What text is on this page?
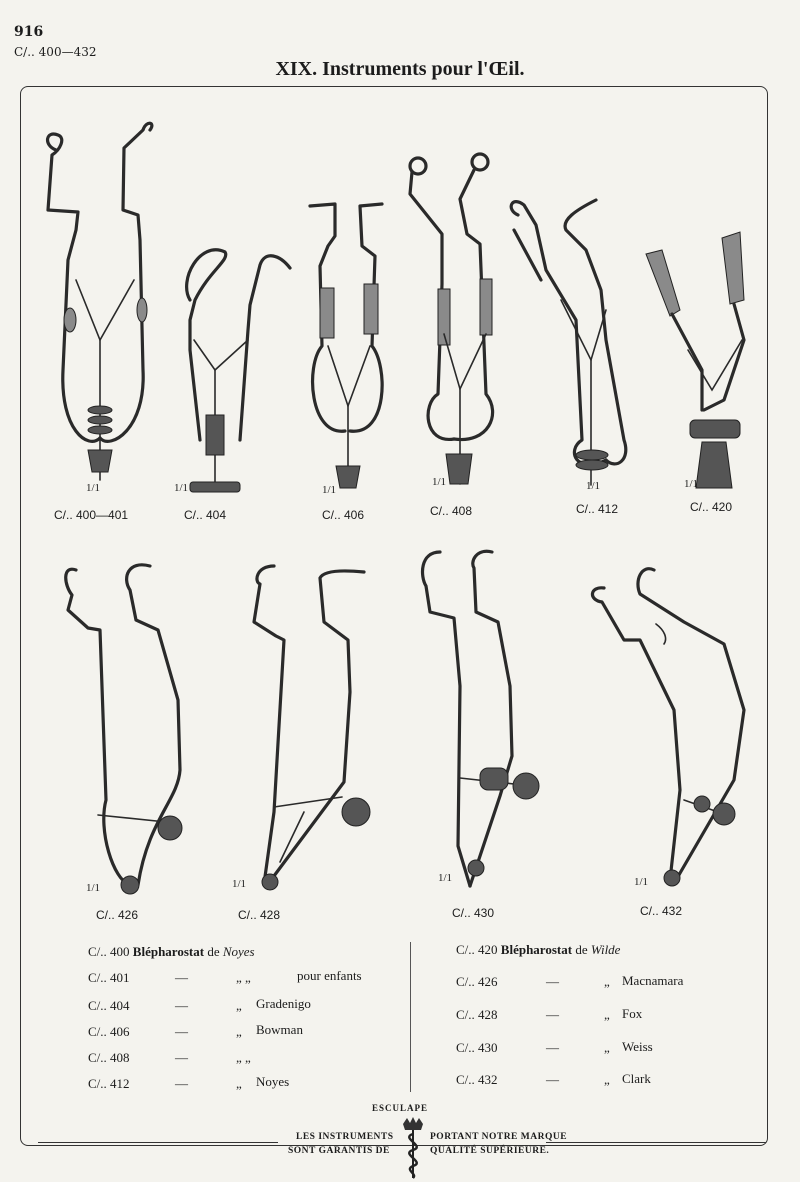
916
C/.. 400—432
XIX. Instruments pour l'Œil.
1/1
C/.. 400—401
1/1
C/.. 404
1/1
C/.. 406
1/1
C/.. 408
1/1
C/.. 412
1/1
C/.. 420
1/1
C/.. 426
1/1
C/.. 428
1/1
C/.. 430
1/1
C/.. 432
C/.. 400 Blépharostat de Noyes
C/.. 401	—	„ „	pour enfants
C/.. 404	—	„ Gradenigo
C/.. 406	—	„ Bowman
C/.. 408	—	„ „
C/.. 412	—	„ Noyes
C/.. 420 Blépharostat de Wilde
C/.. 426	—	„ Macnamara
C/.. 428	—	„ Fox
C/.. 430	—	„ Weiss
C/.. 432	—	„ Clark
ESCULAPE
LES INSTRUMENTS
SONT GARANTIS DE
PORTANT NOTRE MARQUE
QUALITÉ SUPÉRIEURE.
